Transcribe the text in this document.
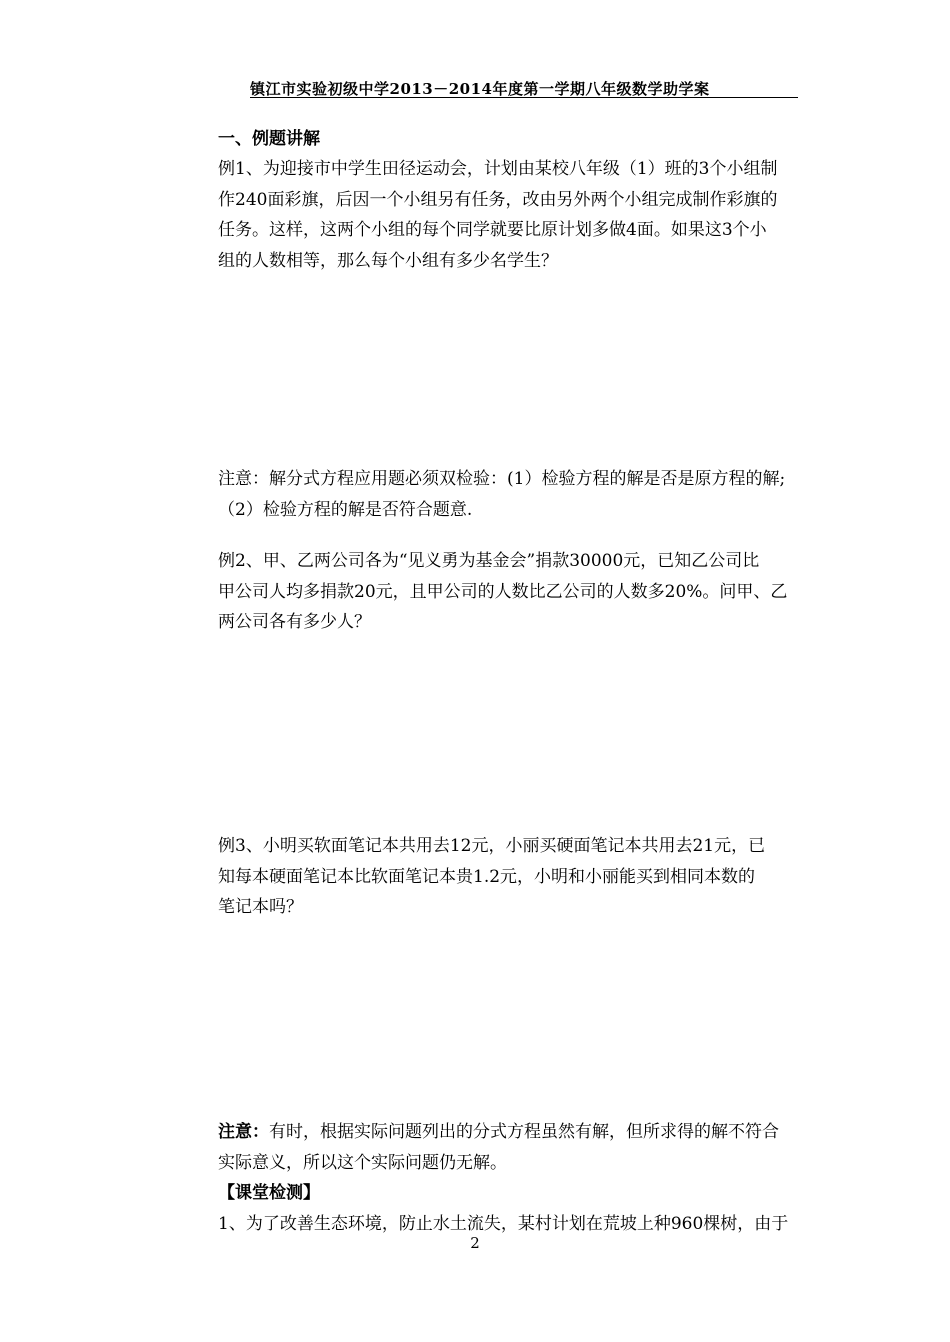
镇江市实验初级中学2013－2014年度第一学期八年级数学助学案
一、例题讲解
例1、为迎接市中学生田径运动会，计划由某校八年级（1）班的3个小组制
作240面彩旗，后因一个小组另有任务，改由另外两个小组完成制作彩旗的
任务。这样，这两个小组的每个同学就要比原计划多做4面。如果这3个小
组的人数相等，那么每个小组有多少名学生？
注意：解分式方程应用题必须双检验：(1）检验方程的解是否是原方程的解;
（2）检验方程的解是否符合题意.
例2、甲、乙两公司各为“见义勇为基金会”捐款30000元，已知乙公司比
甲公司人均多捐款20元，且甲公司的人数比乙公司的人数多20%。问甲、乙
两公司各有多少人？
例3、小明买软面笔记本共用去12元，小丽买硬面笔记本共用去21元，已
知每本硬面笔记本比软面笔记本贵1.2元，小明和小丽能买到相同本数的
笔记本吗？
注意：有时，根据实际问题列出的分式方程虽然有解，但所求得的解不符合
实际意义，所以这个实际问题仍无解。
【课堂检测】
1、为了改善生态环境，防止水土流失，某村计划在荒坡上种960棵树，由于
2
